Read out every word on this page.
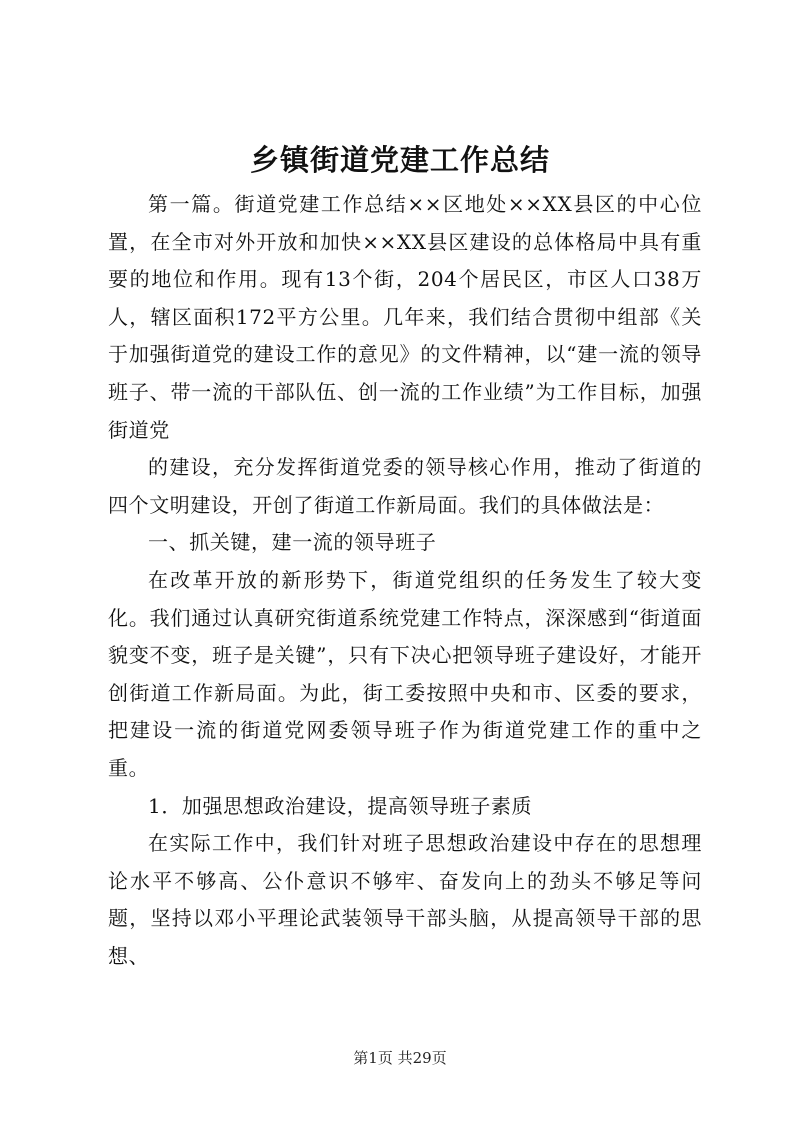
乡镇街道党建工作总结

第一篇。街道党建工作总结××区地处××XX县区的中心位置，在全市对外开放和加快××XX县区建设的总体格局中具有重要的地位和作用。现有13个街，204个居民区，市区人口38万人，辖区面积172平方公里。几年来，我们结合贯彻中组部《关于加强街道党的建设工作的意见》的文件精神，以“建一流的领导班子、带一流的干部队伍、创一流的工作业绩”为工作目标，加强街道党

的建设，充分发挥街道党委的领导核心作用，推动了街道的四个文明建设，开创了街道工作新局面。我们的具体做法是：

一、抓关键，建一流的领导班子

在改革开放的新形势下，街道党组织的任务发生了较大变化。我们通过认真研究街道系统党建工作特点，深深感到“街道面貌变不变，班子是关键”，只有下决心把领导班子建设好，才能开创街道工作新局面。为此，街工委按照中央和市、区委的要求，把建设一流的街道党网委领导班子作为街道党建工作的重中之重。

1．加强思想政治建设，提高领导班子素质

在实际工作中，我们针对班子思想政治建设中存在的思想理论水平不够高、公仆意识不够牢、奋发向上的劲头不够足等问题，坚持以邓小平理论武装领导干部头脑，从提高领导干部的思想、

第1页 共29页
